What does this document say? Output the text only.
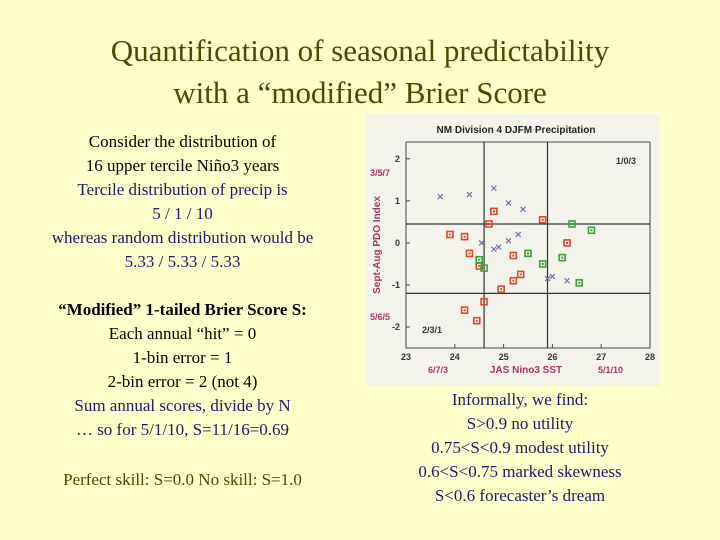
Quantification of seasonal predictability
with a “modified” Brier Score
Consider the distribution of
16 upper tercile Niño3 years
Tercile distribution of precip is
5 / 1 / 10
whereas random distribution would be
5.33 / 5.33 / 5.33
“Modified” 1-tailed Brier Score S:
Each annual “hit” = 0
1-bin error = 1
2-bin error = 2 (not 4)
Sum annual scores, divide by N
… so for 5/1/10, S=11/16=0.69
Perfect skill: S=0.0 No skill: S=1.0
NM Division 4 DJFM Precipitation
23	24	25	26	27	28
2
1
0
-1
-2
Sept-Aug PDO Index
JAS Nino3 SST
3/5/7
1/0/3
5/6/5
2/3/1
6/7/3	5/1/10
Informally, we find:
S>0.9 no utility
0.75<S<0.9 modest utility
0.6<S<0.75 marked skewness
S<0.6 forecaster’s dream
